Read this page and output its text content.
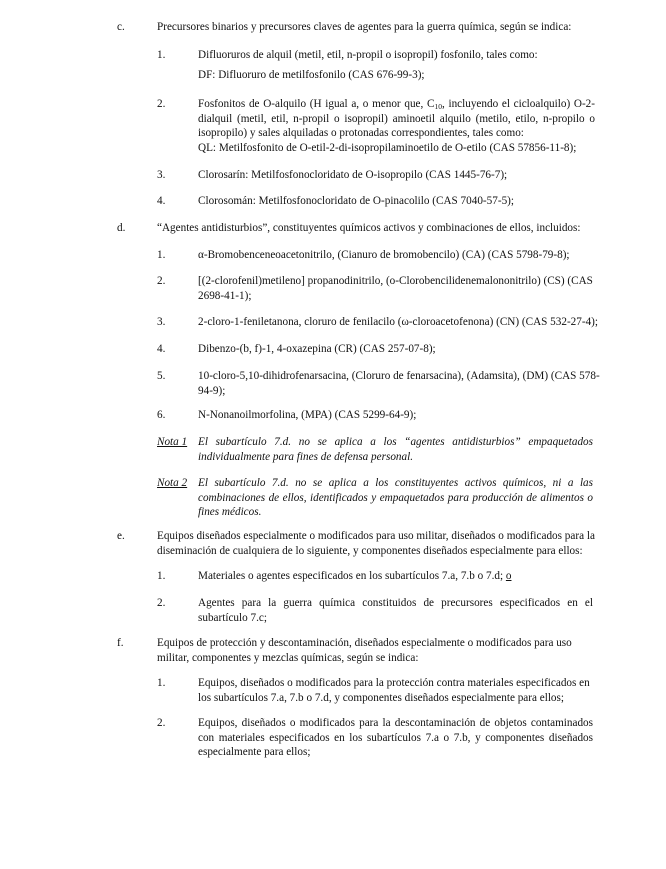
c.	Precursores binarios y precursores claves de agentes para la guerra química, según se indica:

1.	Difluoruros de alquil (metil, etil, n-propil o isopropil) fosfonilo, tales como:

DF: Difluoruro de metilfosfonilo (CAS 676-99-3);

2.	Fosfonitos de O-alquilo (H igual a, o menor que, $C_{10}$, incluyendo el cicloalquilo) O-2-dialquil (metil, etil, n-propil o isopropil) aminoetil alquilo (metilo, etilo, n-propilo o isopropilo) y sales alquiladas o protonadas correspondientes, tales como:

QL: Metilfosfonito de O-etil-2-di-isopropilaminoetilo de O-etilo (CAS 57856-11-8);

3.	Clorosarín: Metilfosfonocloridato de O-isopropilo (CAS 1445-76-7);

4.	Clorosomán: Metilfosfonocloridato de O-pinacolilo (CAS 7040-57-5);

d.	“Agentes antidisturbios”, constituyentes químicos activos y combinaciones de ellos, incluidos:

1.	α-Bromobenceneoacetonitrilo, (Cianuro de bromobencilo) (CA) (CAS 5798-79-8);

2.	[(2-clorofenil)metileno] propanodinitrilo, (o-Clorobencilidenemalononitrilo) (CS) (CAS 2698-41-1);

3.	2-cloro-1-feniletanona, cloruro de fenilacilo (ω-cloroacetofenona) (CN) (CAS 532-27-4);

4.	Dibenzo-(b, f)-1, 4-oxazepina (CR) (CAS 257-07-8);

5.	10-cloro-5,10-dihidrofenarsacina, (Cloruro de fenarsacina), (Adamsita), (DM) (CAS 578-94-9);

6.	N-Nonanoilmorfolina, (MPA) (CAS 5299-64-9);

Nota 1 El subartículo 7.d. no se aplica a los “agentes antidisturbios” empaquetados individualmente para fines de defensa personal.

Nota 2 El subartículo 7.d. no se aplica a los constituyentes activos químicos, ni a las combinaciones de ellos, identificados y empaquetados para producción de alimentos o fines médicos.

e.	Equipos diseñados especialmente o modificados para uso militar, diseñados o modificados para la diseminación de cualquiera de lo siguiente, y componentes diseñados especialmente para ellos:

1.	Materiales o agentes especificados en los subartículos 7.a, 7.b o 7.d; o

2.	Agentes para la guerra química constituidos de precursores especificados en el subartículo 7.c;

f.	Equipos de protección y descontaminación, diseñados especialmente o modificados para uso militar, componentes y mezclas químicas, según se indica:

1.	Equipos, diseñados o modificados para la protección contra materiales especificados en los subartículos 7.a, 7.b o 7.d, y componentes diseñados especialmente para ellos;

2.	Equipos, diseñados o modificados para la descontaminación de objetos contaminados con materiales especificados en los subartículos 7.a o 7.b, y componentes diseñados especialmente para ellos;
